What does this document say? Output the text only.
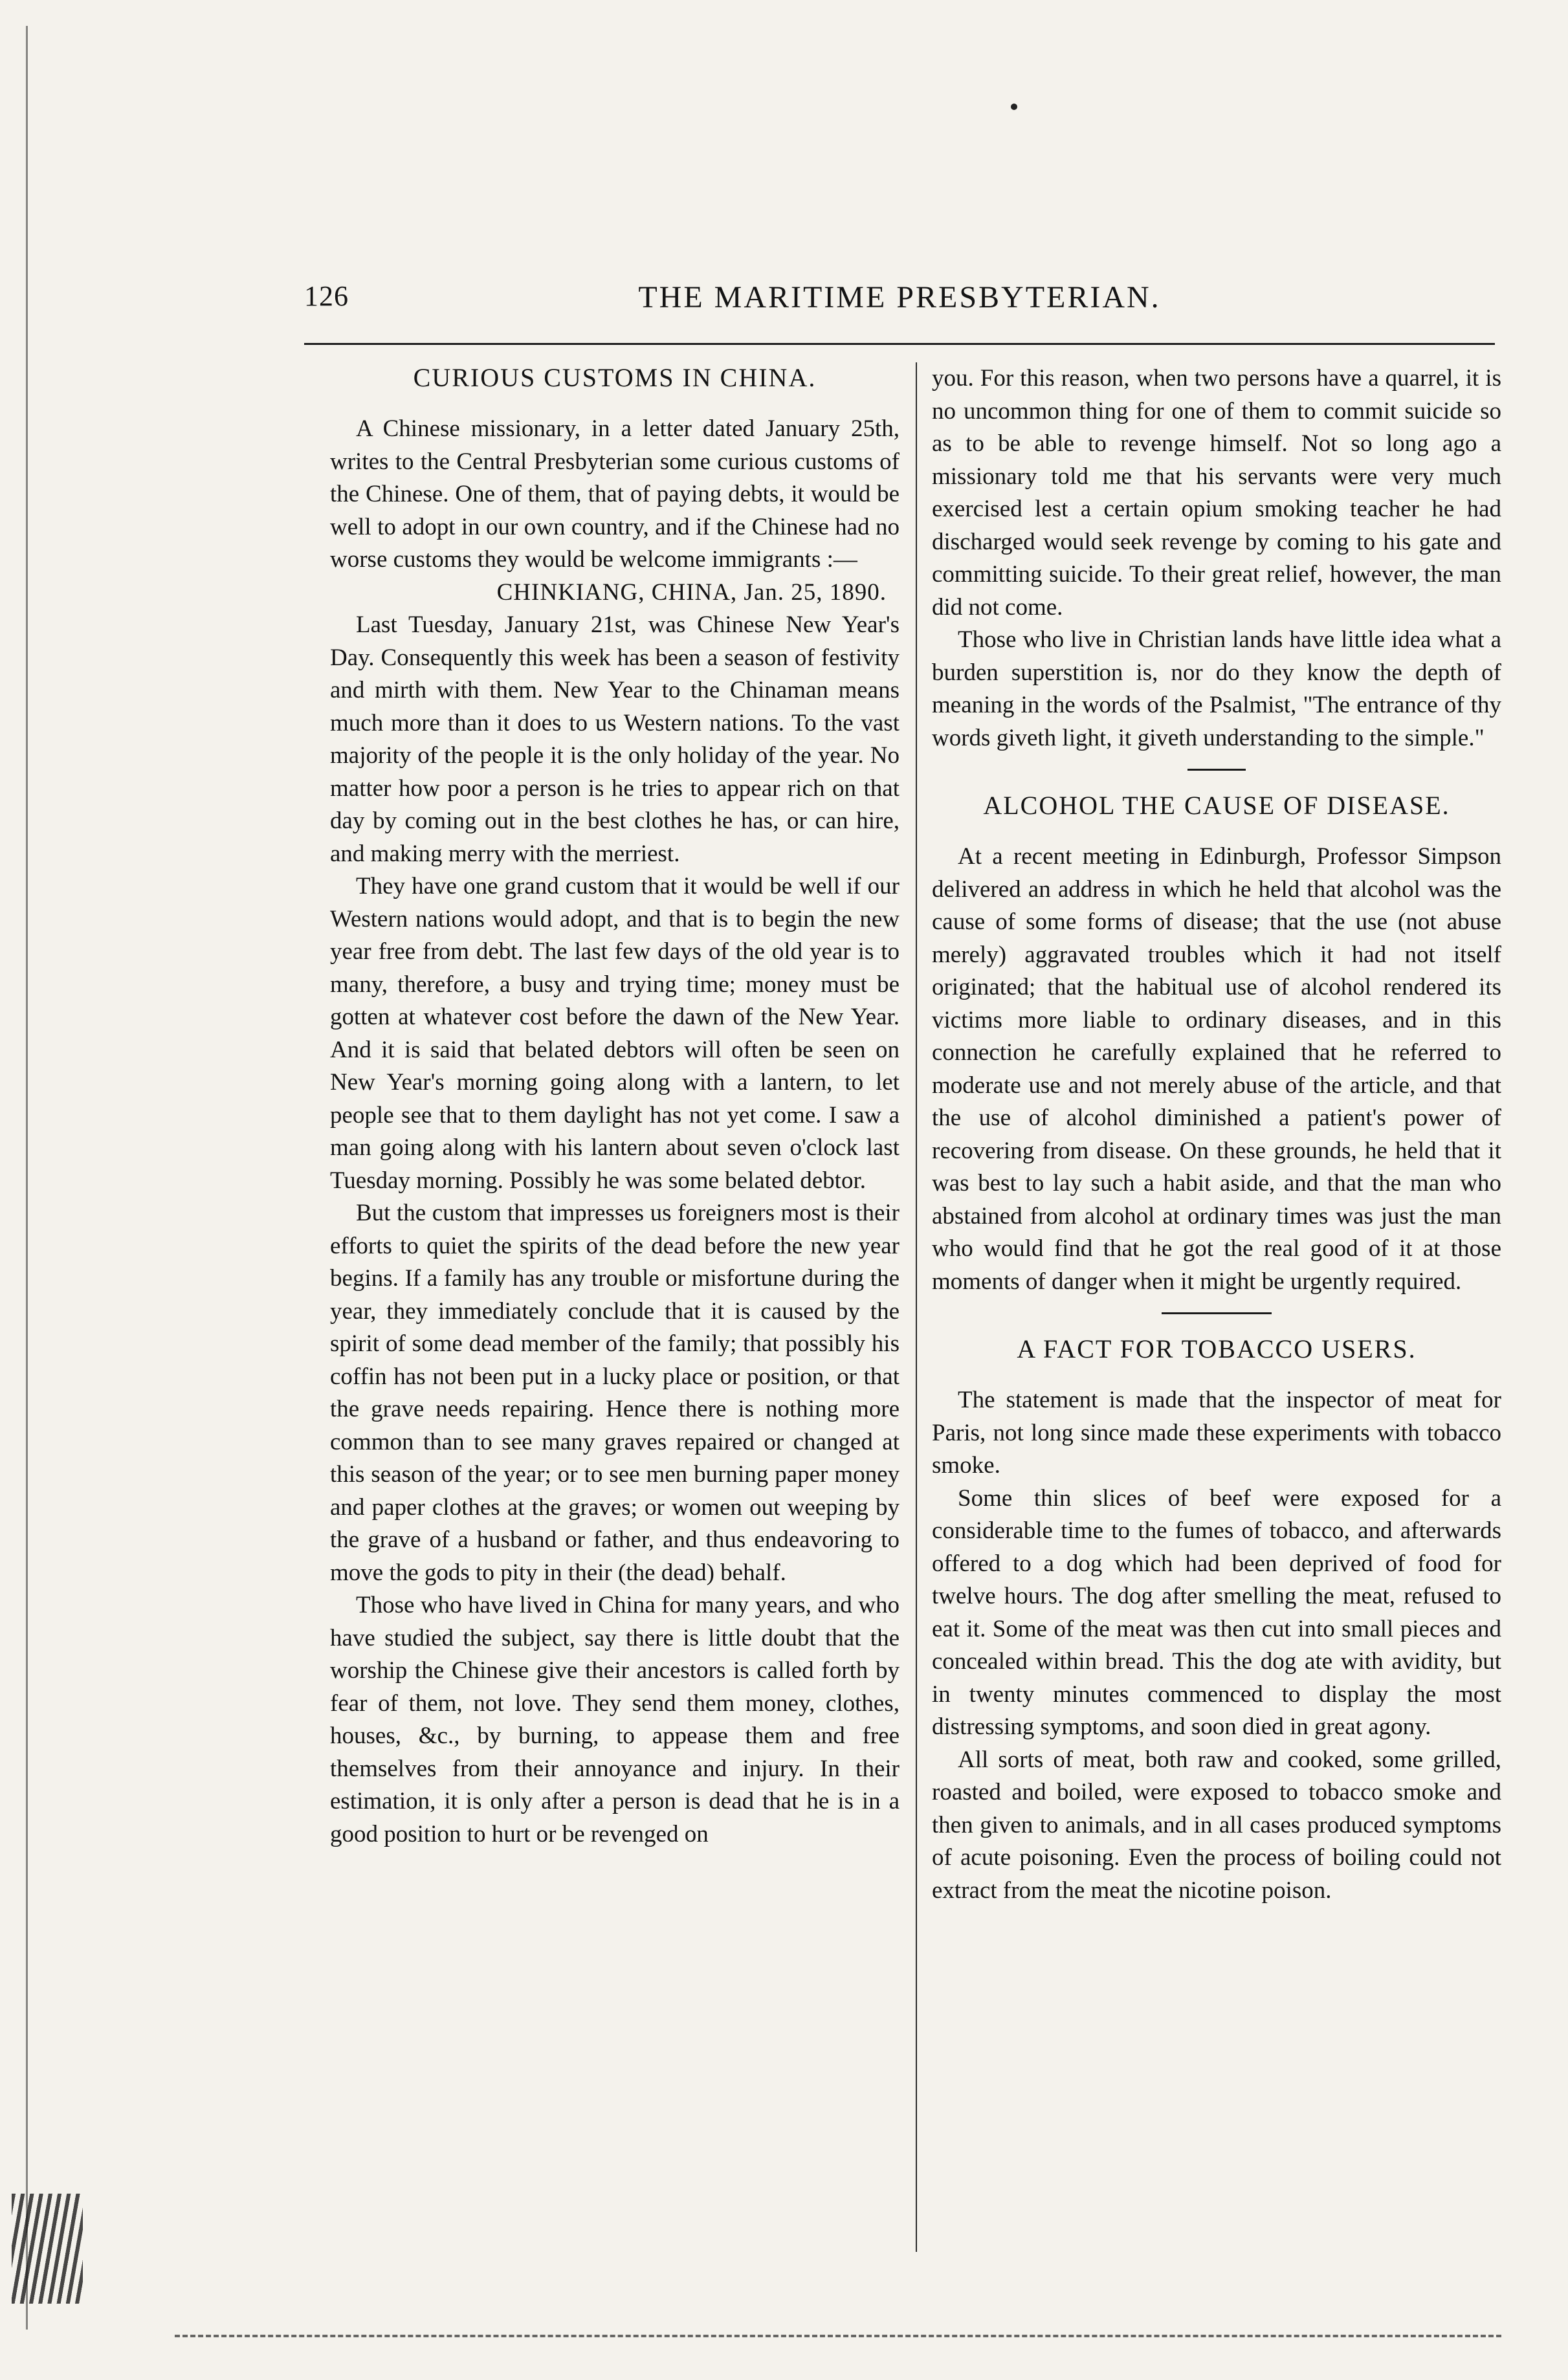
126	THE MARITIME PRESBYTERIAN.
CURIOUS CUSTOMS IN CHINA.

A Chinese missionary, in a letter dated January 25th, writes to the Central Presbyterian some curious customs of the Chinese. One of them, that of paying debts, it would be well to adopt in our own country, and if the Chinese had no worse customs they would be welcome immigrants :—

CHINKIANG, CHINA, Jan. 25, 1890.

Last Tuesday, January 21st, was Chinese New Year's Day. Consequently this week has been a season of festivity and mirth with them. New Year to the Chinaman means much more than it does to us Western nations. To the vast majority of the people it is the only holiday of the year. No matter how poor a person is he tries to appear rich on that day by coming out in the best clothes he has, or can hire, and making merry with the merriest.

They have one grand custom that it would be well if our Western nations would adopt, and that is to begin the new year free from debt. The last few days of the old year is to many, therefore, a busy and trying time; money must be gotten at whatever cost before the dawn of the New Year. And it is said that belated debtors will often be seen on New Year's morning going along with a lantern, to let people see that to them daylight has not yet come. I saw a man going along with his lantern about seven o'clock last Tuesday morning. Possibly he was some belated debtor.

But the custom that impresses us foreigners most is their efforts to quiet the spirits of the dead before the new year begins. If a family has any trouble or misfortune during the year, they immediately conclude that it is caused by the spirit of some dead member of the family; that possibly his coffin has not been put in a lucky place or position, or that the grave needs repairing. Hence there is nothing more common than to see many graves repaired or changed at this season of the year; or to see men burning paper money and paper clothes at the graves; or women out weeping by the grave of a husband or father, and thus endeavoring to move the gods to pity in their (the dead) behalf.

Those who have lived in China for many years, and who have studied the subject, say there is little doubt that the worship the Chinese give their ancestors is called forth by fear of them, not love. They send them money, clothes, houses, &c., by burning, to appease them and free themselves from their annoyance and injury. In their estimation, it is only after a person is dead that he is in a good position to hurt or be revenged on

you. For this reason, when two persons have a quarrel, it is no uncommon thing for one of them to commit suicide so as to be able to revenge himself. Not so long ago a missionary told me that his servants were very much exercised lest a certain opium smoking teacher he had discharged would seek revenge by coming to his gate and committing suicide. To their great relief, however, the man did not come.

Those who live in Christian lands have little idea what a burden superstition is, nor do they know the depth of meaning in the words of the Psalmist, "The entrance of thy words giveth light, it giveth understanding to the simple."

ALCOHOL THE CAUSE OF DISEASE.

At a recent meeting in Edinburgh, Professor Simpson delivered an address in which he held that alcohol was the cause of some forms of disease; that the use (not abuse merely) aggravated troubles which it had not itself originated; that the habitual use of alcohol rendered its victims more liable to ordinary diseases, and in this connection he carefully explained that he referred to moderate use and not merely abuse of the article, and that the use of alcohol diminished a patient's power of recovering from disease. On these grounds, he held that it was best to lay such a habit aside, and that the man who abstained from alcohol at ordinary times was just the man who would find that he got the real good of it at those moments of danger when it might be urgently required.

A FACT FOR TOBACCO USERS.

The statement is made that the inspector of meat for Paris, not long since made these experiments with tobacco smoke.

Some thin slices of beef were exposed for a considerable time to the fumes of tobacco, and afterwards offered to a dog which had been deprived of food for twelve hours. The dog after smelling the meat, refused to eat it. Some of the meat was then cut into small pieces and concealed within bread. This the dog ate with avidity, but in twenty minutes commenced to display the most distressing symptoms, and soon died in great agony.

All sorts of meat, both raw and cooked, some grilled, roasted and boiled, were exposed to tobacco smoke and then given to animals, and in all cases produced symptoms of acute poisoning. Even the process of boiling could not extract from the meat the nicotine poison.
